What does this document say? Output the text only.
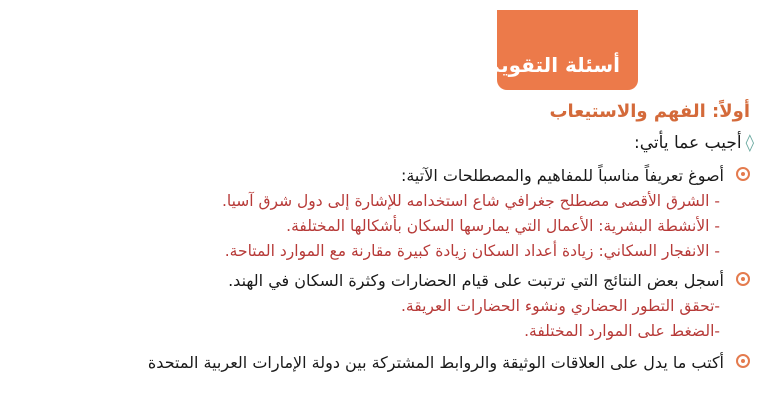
أسئلة التقويم
أولاً: الفهم والاستيعاب
◊أجيب عما يأتي:
أصوغ تعريفاً مناسباً للمفاهيم والمصطلحات الآتية:
- الشرق الأقصى مصطلح جغرافي شاع استخدامه للإشارة إلى دول شرق آسيا.
- الأنشطة البشرية: الأعمال التي يمارسها السكان بأشكالها المختلفة.
- الانفجار السكاني: زيادة أعداد السكان زيادة كبيرة مقارنة مع الموارد المتاحة.
أسجل بعض النتائج التي ترتبت على قيام الحضارات وكثرة السكان في الهند.
-تحقق التطور الحضاري ونشوء الحضارات العريقة.
-الضغط على الموارد المختلفة.
أكتب ما يدل على العلاقات الوثيقة والروابط المشتركة بين دولة الإمارات العربية المتحدة
